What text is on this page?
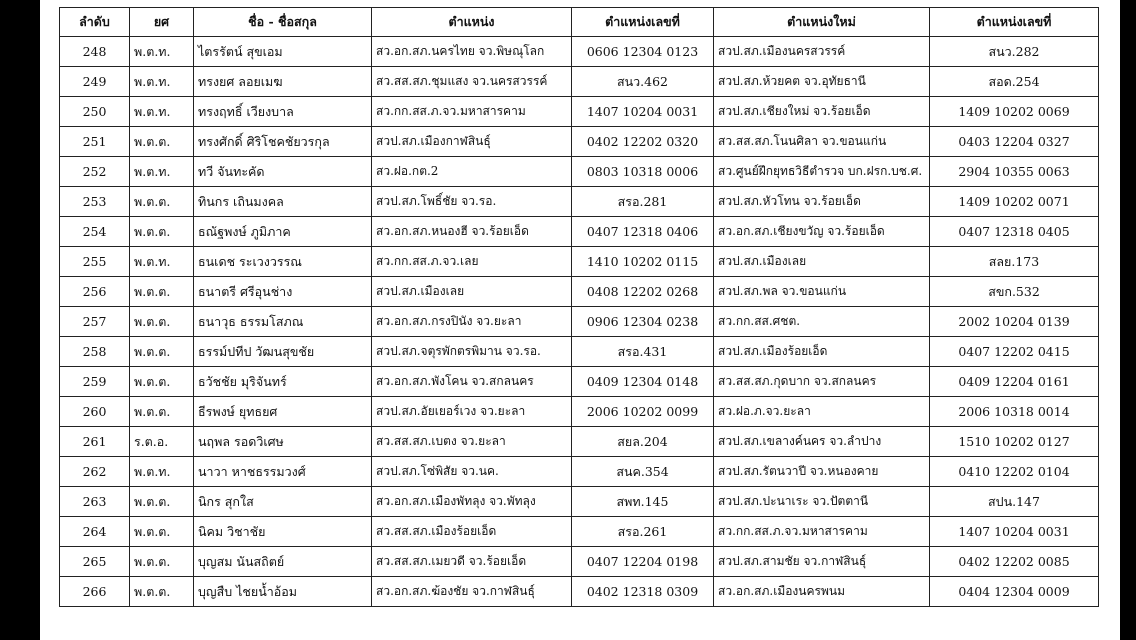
ลำดับ	ยศ	ชื่อ - ชื่อสกุล	ตำแหน่ง	ตำแหน่งเลขที่	ตำแหน่งใหม่	ตำแหน่งเลขที่
248	พ.ต.ท.	ไตรรัตน์ สุขเอม	สว.อก.สภ.นครไทย จว.พิษณุโลก	0606 12304 0123	สวป.สภ.เมืองนครสวรรค์	สนว.282
249	พ.ต.ท.	ทรงยศ ลอยเมฆ	สว.สส.สภ.ชุมแสง จว.นครสวรรค์	สนว.462	สวป.สภ.ห้วยคต จว.อุทัยธานี	สอด.254
250	พ.ต.ท.	ทรงฤทธิ์ เวียงบาล	สว.กก.สส.ภ.จว.มหาสารคาม	1407 10204 0031	สวป.สภ.เชียงใหม่ จว.ร้อยเอ็ด	1409 10202 0069
251	พ.ต.ต.	ทรงศักดิ์ ศิริโชคชัยวรกุล	สวป.สภ.เมืองกาฬสินธุ์	0402 12202 0320	สว.สส.สภ.โนนศิลา จว.ขอนแก่น	0403 12204 0327
252	พ.ต.ท.	ทวี จันทะคัด	สว.ฝอ.กต.2	0803 10318 0006	สว.ศูนย์ฝึกยุทธวิธีตำรวจ บก.ฝรก.บช.ศ.	2904 10355 0063
253	พ.ต.ต.	ทินกร เถินมงคล	สวป.สภ.โพธิ์ชัย จว.รอ.	สรอ.281	สวป.สภ.หัวโทน จว.ร้อยเอ็ด	1409 10202 0071
254	พ.ต.ต.	ธณัฐพงษ์ ภูมิภาค	สว.อก.สภ.หนองฮี จว.ร้อยเอ็ด	0407 12318 0406	สว.อก.สภ.เชียงขวัญ จว.ร้อยเอ็ด	0407 12318 0405
255	พ.ต.ท.	ธนเดช ระเวงวรรณ	สว.กก.สส.ภ.จว.เลย	1410 10202 0115	สวป.สภ.เมืองเลย	สลย.173
256	พ.ต.ต.	ธนาตรี ศรีอุนช่าง	สวป.สภ.เมืองเลย	0408 12202 0268	สวป.สภ.พล จว.ขอนแก่น	สขก.532
257	พ.ต.ต.	ธนาวุธ ธรรมโสภณ	สว.อก.สภ.กรงปินัง จว.ยะลา	0906 12304 0238	สว.กก.สส.ศชต.	2002 10204 0139
258	พ.ต.ต.	ธรรม์ปทีป วัฒนสุขชัย	สวป.สภ.จตุรพักตรพิมาน จว.รอ.	สรอ.431	สวป.สภ.เมืองร้อยเอ็ด	0407 12202 0415
259	พ.ต.ต.	ธวัชชัย มุริจันทร์	สว.อก.สภ.พังโคน จว.สกลนคร	0409 12304 0148	สว.สส.สภ.กุดบาก จว.สกลนคร	0409 12204 0161
260	พ.ต.ต.	ธีรพงษ์ ยุทธยศ	สวป.สภ.อัยเยอร์เวง จว.ยะลา	2006 10202 0099	สว.ฝอ.ภ.จว.ยะลา	2006 10318 0014
261	ร.ต.อ.	นฤพล รอดวิเศษ	สว.สส.สภ.เบตง จว.ยะลา	สยล.204	สวป.สภ.เขลางค์นคร จว.ลำปาง	1510 10202 0127
262	พ.ต.ท.	นาวา หาชธรรมวงศ์	สวป.สภ.โซ่พิสัย จว.นค.	สนค.354	สวป.สภ.รัตนวาปี จว.หนองคาย	0410 12202 0104
263	พ.ต.ต.	นิกร สุกใส	สว.อก.สภ.เมืองพัทลุง จว.พัทลุง	สพท.145	สวป.สภ.ปะนาเระ จว.ปัตตานี	สปน.147
264	พ.ต.ต.	นิคม วิชาชัย	สว.สส.สภ.เมืองร้อยเอ็ด	สรอ.261	สว.กก.สส.ภ.จว.มหาสารคาม	1407 10204 0031
265	พ.ต.ต.	บุญสม นันสถิตย์	สว.สส.สภ.เมยวดี จว.ร้อยเอ็ด	0407 12204 0198	สวป.สภ.สามชัย จว.กาฬสินธุ์	0402 12202 0085
266	พ.ต.ต.	บุญสืบ ไชยน้ำอ้อม	สว.อก.สภ.ฆ้องชัย จว.กาฬสินธุ์	0402 12318 0309	สว.อก.สภ.เมืองนครพนม	0404 12304 0009
